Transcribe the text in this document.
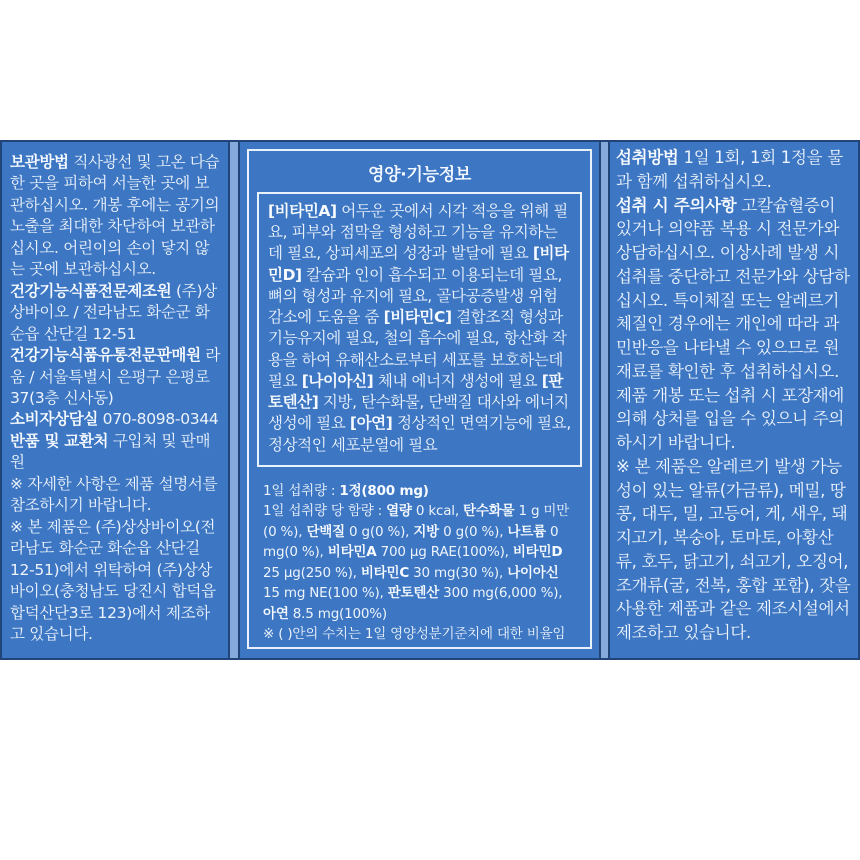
보관방법 직사광선 및 고온 다습한 곳을 피하여 서늘한 곳에 보관하십시오. 개봉 후에는 공기의 노출을 최대한 차단하여 보관하십시오. 어린이의 손이 닿지 않는 곳에 보관하십시오.

건강기능식품전문제조원 (주)상상바이오 / 전라남도 화순군 화순읍 산단길 12-51

건강기능식품유통전문판매원 라움 / 서울특별시 은평구 은평로 37(3층 신사동)

소비자상담실 070-8098-0344

반품 및 교환처 구입처 및 판매원

※ 자세한 사항은 제품 설명서를 참조하시기 바랍니다.

※ 본 제품은 (주)상상바이오(전라남도 화순군 화순읍 산단길 12-51)에서 위탁하여 (주)상상바이오(충청남도 당진시 합덕읍 합덕산단3로 123)에서 제조하고 있습니다.

영양·기능정보

[비타민A] 어두운 곳에서 시각 적응을 위해 필요, 피부와 점막을 형성하고 기능을 유지하는데 필요, 상피세포의 성장과 발달에 필요 [비타민D] 칼슘과 인이 흡수되고 이용되는데 필요, 뼈의 형성과 유지에 필요, 골다공증발생 위험 감소에 도움을 줌 [비타민C] 결합조직 형성과 기능유지에 필요, 철의 흡수에 필요, 항산화 작용을 하여 유해산소로부터 세포를 보호하는데 필요 [나이아신] 체내 에너지 생성에 필요 [판토텐산] 지방, 탄수화물, 단백질 대사와 에너지 생성에 필요 [아연] 정상적인 면역기능에 필요, 정상적인 세포분열에 필요

1일 섭취량 : 1정(800 mg)

1일 섭취량 당 함량 : 열량 0 kcal, 탄수화물 1 g 미만(0 %), 단백질 0 g(0 %), 지방 0 g(0 %), 나트륨 0 mg(0 %), 비타민A 700 μg RAE(100%), 비타민D 25 μg(250 %), 비타민C 30 mg(30 %), 나이아신 15 mg NE(100 %), 판토텐산 300 mg(6,000 %), 아연 8.5 mg(100%)

※ ( )안의 수치는 1일 영양성분기준치에 대한 비율임

섭취방법 1일 1회, 1회 1정을 물과 함께 섭취하십시오.

섭취 시 주의사항 고칼슘혈증이 있거나 의약품 복용 시 전문가와 상담하십시오. 이상사례 발생 시 섭취를 중단하고 전문가와 상담하십시오. 특이체질 또는 알레르기 체질인 경우에는 개인에 따라 과민반응을 나타낼 수 있으므로 원재료를 확인한 후 섭취하십시오. 제품 개봉 또는 섭취 시 포장재에 의해 상처를 입을 수 있으니 주의하시기 바랍니다.

※ 본 제품은 알레르기 발생 가능성이 있는 알류(가금류), 메밀, 땅콩, 대두, 밀, 고등어, 게, 새우, 돼지고기, 복숭아, 토마토, 아황산류, 호두, 닭고기, 쇠고기, 오징어, 조개류(굴, 전복, 홍합 포함), 잣을 사용한 제품과 같은 제조시설에서 제조하고 있습니다.
